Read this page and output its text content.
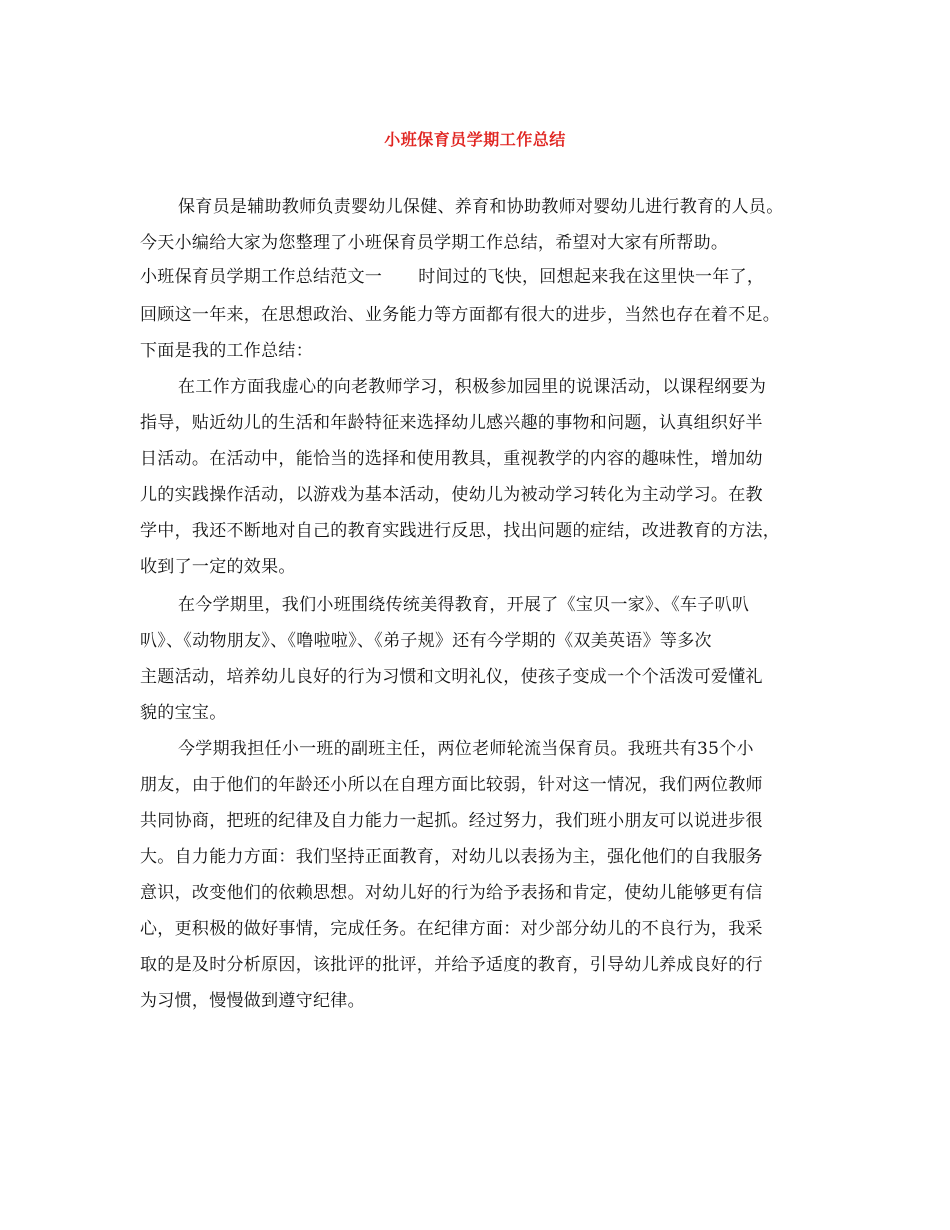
小班保育员学期工作总结
保育员是辅助教师负责婴幼儿保健、养育和协助教师对婴幼儿进行教育的人员。
今天小编给大家为您整理了小班保育员学期工作总结，希望对大家有所帮助。
小班保育员学期工作总结范文一 时间过的飞快，回想起来我在这里快一年了，
回顾这一年来，在思想政治、业务能力等方面都有很大的进步，当然也存在着不足。
下面是我的工作总结：
在工作方面我虚心的向老教师学习，积极参加园里的说课活动，以课程纲要为
指导，贴近幼儿的生活和年龄特征来选择幼儿感兴趣的事物和问题，认真组织好半
日活动。在活动中，能恰当的选择和使用教具，重视教学的内容的趣味性，增加幼
儿的实践操作活动，以游戏为基本活动，使幼儿为被动学习转化为主动学习。在教
学中，我还不断地对自己的教育实践进行反思，找出问题的症结，改进教育的方法，
收到了一定的效果。
在今学期里，我们小班围绕传统美得教育，开展了《宝贝一家》、《车子叭叭
叭》、《动物朋友》、《噜啦啦》、《弟子规》还有今学期的《双美英语》等多次
主题活动，培养幼儿良好的行为习惯和文明礼仪，使孩子变成一个个活泼可爱懂礼
貌的宝宝。
今学期我担任小一班的副班主任，两位老师轮流当保育员。我班共有35个小
朋友，由于他们的年龄还小所以在自理方面比较弱，针对这一情况，我们两位教师
共同协商，把班的纪律及自力能力一起抓。经过努力，我们班小朋友可以说进步很
大。自力能力方面：我们坚持正面教育，对幼儿以表扬为主，强化他们的自我服务
意识，改变他们的依赖思想。对幼儿好的行为给予表扬和肯定，使幼儿能够更有信
心，更积极的做好事情，完成任务。在纪律方面：对少部分幼儿的不良行为，我采
取的是及时分析原因，该批评的批评，并给予适度的教育，引导幼儿养成良好的行
为习惯，慢慢做到遵守纪律。
